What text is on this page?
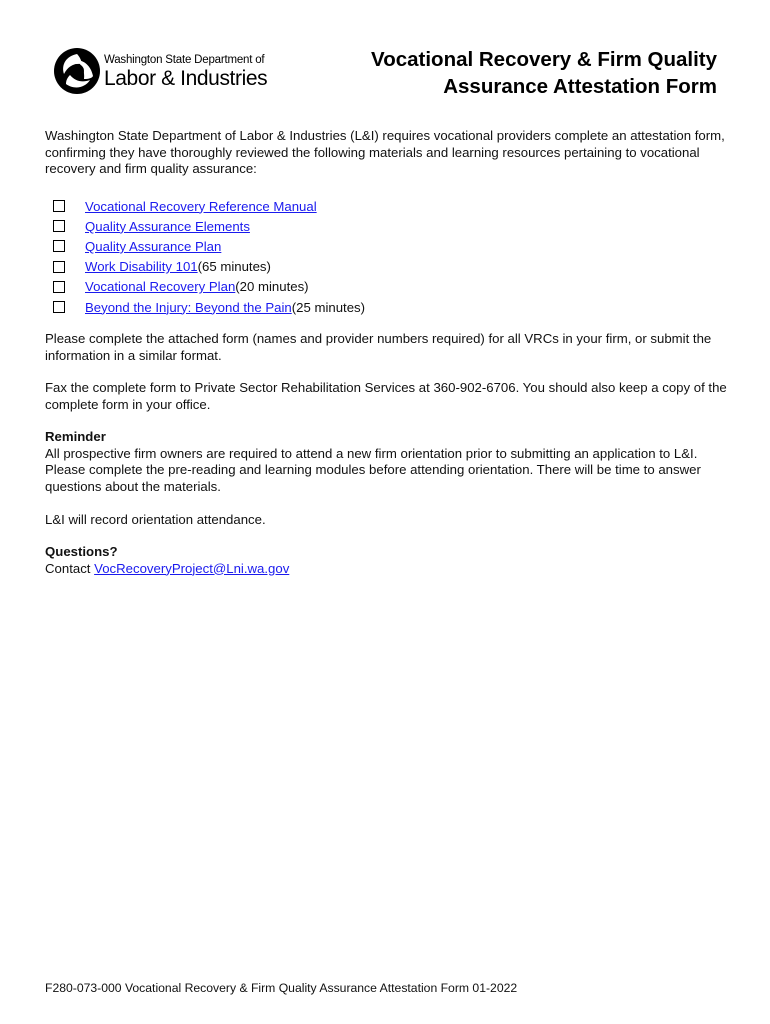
Washington State Department of
Labor & Industries
Vocational Recovery & Firm Quality
Assurance Attestation Form
Washington State Department of Labor & Industries (L&I) requires vocational providers complete an attestation form, confirming they have thoroughly reviewed the following materials and learning resources pertaining to vocational recovery and firm quality assurance:
Vocational Recovery Reference Manual
Quality Assurance Elements
Quality Assurance Plan
Work Disability 101 (65 minutes)
Vocational Recovery Plan (20 minutes)
Beyond the Injury: Beyond the Pain (25 minutes)
Please complete the attached form (names and provider numbers required) for all VRCs in your firm, or submit the information in a similar format.
Fax the complete form to Private Sector Rehabilitation Services at 360-902-6706. You should also keep a copy of the complete form in your office.
Reminder
All prospective firm owners are required to attend a new firm orientation prior to submitting an application to L&I. Please complete the pre-reading and learning modules before attending orientation. There will be time to answer questions about the materials.
L&I will record orientation attendance.
Questions?
Contact VocRecoveryProject@Lni.wa.gov
F280-073-000 Vocational Recovery & Firm Quality Assurance Attestation Form 01-2022
